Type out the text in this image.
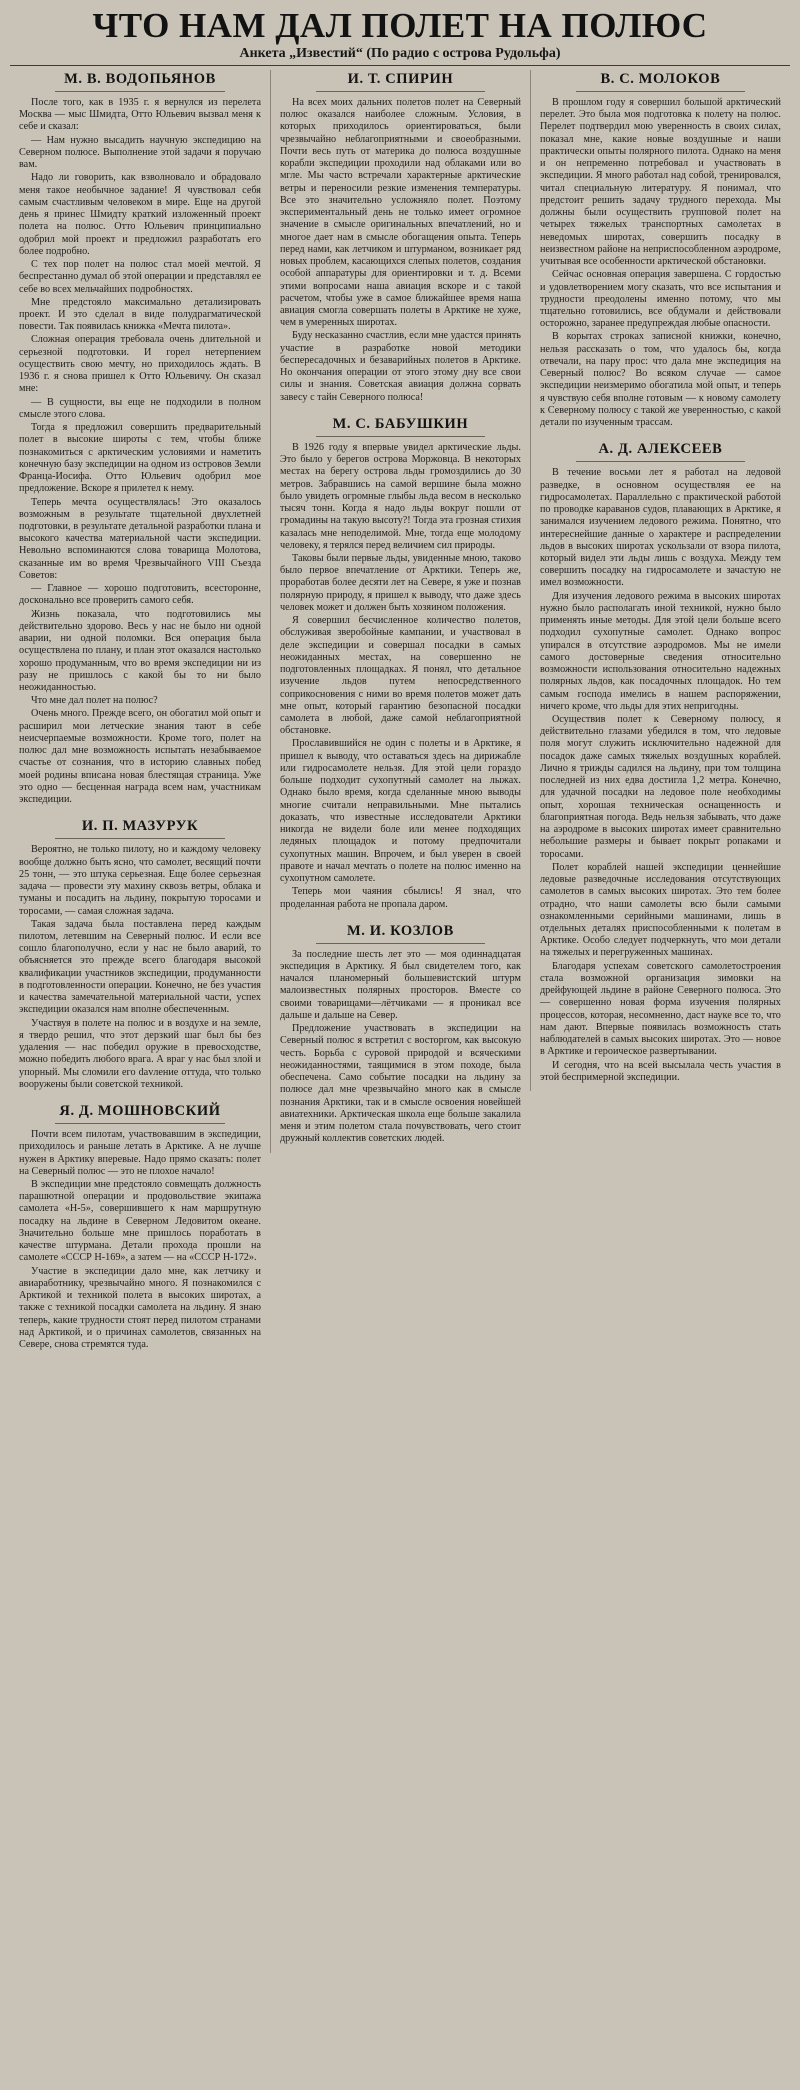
ЧТО НАМ ДАЛ ПОЛЕТ НА ПОЛЮС
Анкета „Известий“ (По радио с острова Рудольфа)
М. В. ВОДОПЬЯНОВ

После того, как в 1935 г. я вернулся из перелета Москва — мыс Шмидта, Отто Юльевич вызвал меня к себе и сказал:

— Нам нужно высадить научную экспедицию на Северном полюсе. Выполнение этой задачи я поручаю вам.

Надо ли говорить, как взволновало и обрадовало меня такое необычное задание! Я чувствовал себя самым счастливым человеком в мире. Еще на другой день я принес Шмидту краткий изложенный проект полета на полюс. Отто Юльевич принципиально одобрил мой проект и предложил разработать его более подробно.

С тех пор полет на полюс стал моей мечтой. Я беспрестанно думал об этой операции и представлял ее себе во всех мельчайших подробностях.

Мне предстояло максимально детализировать проект. И это сделал в виде полудрагматической повести. Так появилась книжка «Мечта пилота».

Сложная операция требовала очень длительной и серьезной подготовки. И горел нетерпением осуществить свою мечту, но приходилось ждать. В 1936 г. я снова пришел к Отто Юльевичу. Он сказал мне:

— В сущности, вы еще не подходили в полном смысле этого слова.

Тогда я предложил совершить предварительный полет в высокие широты с тем, чтобы ближе познакомиться с арктическим условиями и наметить конечную базу экспедиции на одном из островов Земли Франца-Иосифа. Отто Юльевич одобрил мое предложение. Вскоре я прилетел к нему.

Теперь мечта осуществлялась! Это оказалось возможным в результате тщательной двухлетней подготовки, в результате детальной разработки плана и высокого качества материальной части экспедиции. Невольно вспоминаются слова товарища Молотова, сказанные им во время Чрезвычайного VIII Съезда Советов:

— Главное — хорошо подготовить, всесторонне, досконально все проверить самого себя.

Жизнь показала, что подготовились мы действительно здорово. Весь у нас не было ни одной аварии, ни одной поломки. Вся операция была осуществлена по плану, и план этот оказался настолько хорошо продуманным, что во время экспедиции ни из разу не пришлось с какой бы то ни было неожиданностью.

Что мне дал полет на полюс?

Очень много. Прежде всего, он обогатил мой опыт и расширил мои летческие знания тают в себе неисчерпаемые возможности. Кроме того, полет на полюс дал мне возможность испытать незабываемое счастье от сознания, что в историю славных побед моей родины вписана новая блестящая страница. Уже это одно — бесценная награда всем нам, участникам экспедиции.

И. П. МАЗУРУК

Вероятно, не только пилоту, но и каждому человеку вообще должно быть ясно, что самолет, весящий почти 25 тонн, — это штука серьезная. Еще более серьезная задача — провести эту махину сквозь ветры, облака и туманы и посадить на льдину, покрытую торосами и торосами, — самая сложная задача.

Такая задача была поставлена перед каждым пилотом, летевшим на Северный полюс. И если все сошло благополучно, если у нас не было аварий, то объясняется это прежде всего благодаря высокой квалификации участников экспедиции, продуманности в подготовленности операции. Конечно, не без участия и качества замечательной материальной части, успех экспедиции оказался нам вполне обеспеченным.

Участвуя в полете на полюс и в воздухе и на земле, я твердо решил, что этот дерзкий шаг был бы без удаления — нас победил оружие в превосходстве, можно победить любого врага. А враг у нас был злой и упорный. Мы сломили его davление оттуда, что только вооружены были советской техникой.

Я. Д. МОШНОВСКИЙ

Почти всем пилотам, участвовавшим в экспедиции, приходилось и раньше летать в Арктике. А не лучше нужен в Арктику вперевые. Надо прямо сказать: полет на Северный полюс — это не плохое начало!

В экспедиции мне предстояло совмещать должность парашютной операции и продовольствие экипажа самолета «Н-5», совершившего к нам маршрутную посадку на льдине в Северном Ледовитом океане. Значительно больше мне пришлось поработать в качестве штурмана. Детали прохода прошли на самолете «СССР Н-169», а затем — на «СССР Н-172».

Участие в экспедиции дало мне, как летчику и авиаработнику, чрезвычайно много. Я познакомился с Арктикой и техникой полета в высоких широтах, а также с техникой посадки самолета на льдину. Я знаю теперь, какие трудности стоят перед пилотом странами над Арктикой, и о причинах самолетов, связанных на Севере, снова стремятся туда.

И. Т. СПИРИН

На всех моих дальних полетов полет на Северный полюс оказался наиболее сложным. Условия, в которых приходилось ориентироваться, были чрезвычайно неблагоприятными и своеобразными. Почти весь путь от материка до полюса воздушные корабли экспедиции проходили над облаками или во мгле. Мы часто встречали характерные арктические ветры и переносили резкие изменения температуры. Все это значительно усложняло полет. Поэтому экспериментальный день не только имеет огромное значение в смысле оригинальных впечатлений, но и многое дает нам в смысле обогащения опыта. Теперь перед нами, как летчиком и штурманом, возникает ряд новых проблем, касающихся слепых полетов, создания особой аппаратуры для ориентировки и т. д. Всеми этими вопросами наша авиация вскоре и с такой расчетом, чтобы уже в самое ближайшее время наша авиация смогла совершать полеты в Арктике не хуже, чем в умеренных широтах.

Буду несказанно счастлив, если мне удастся принять участие в разработке новой методики беспересадочных и безаварийных полетов в Арктике. Но окончания операции от этого этому дну все свои силы и знания. Советская авиация должна сорвать завесу с тайн Северного полюса!

М. С. БАБУШКИН

В 1926 году я впервые увидел арктические льды. Это было у берегов острова Моржовца. В некоторых местах на берегу острова льды громоздились до 30 метров. Забравшись на самой вершине была можно было увидеть огромные глыбы льда весом в несколько тысяч тонн. Когда я надо льды вокруг пошли от громадины на такую высоту?! Тогда эта грозная стихия казалась мне неподелимой. Мне, тогда еще молодому человеку, я терялся перед величием сил природы.

Таковы были первые льды, увиденные мною, таково было первое впечатление от Арктики. Теперь же, проработав более десяти лет на Севере, я уже и познав полярную природу, я пришел к выводу, что даже здесь человек может и должен быть хозяином положения.

Я совершил бесчисленное количество полетов, обслуживая зверобойные кампании, и участвовал в деле экспедиции и совершал посадки в самых неожиданных местах, на совершенно не подготовленных площадках. Я понял, что детальное изучение льдов путем непосредственного соприкосновения с ними во время полетов может дать мне опыт, который гарантию безопасной посадки самолета в любой, даже самой неблагоприятной обстановке.

Прославившийся не один с полеты и в Арктике, я пришел к выводу, что оставаться здесь на дирижабле или гидросамолете нельзя. Для этой цели гораздо больше подходит сухопутный самолет на лыжах. Однако было время, когда сделанные мною выводы многие считали неправильными. Мне пытались доказать, что известные исследователи Арктики никогда не видели боле или менее подходящих ледяных площадок и потому предпочитали сухопутных машин. Впрочем, и был уверен в своей правоте и начал мечтать о полете на полюс именно на сухопутном самолете.

Теперь мои чаяния сбылись! Я знал, что проделанная работа не пропала даром.

М. И. КОЗЛОВ

За последние шесть лет это — моя одиннадцатая экспедиция в Арктику. Я был свидетелем того, как начался планомерный большевистский штурм малоизвестных полярных просторов. Вместе со своими товарищами—лётчиками — я проникал все дальше и дальше на Север.

Предложение участвовать в экспедиции на Северный полюс я встретил с восторгом, как высокую честь. Борьба с суровой природой и всяческими неожиданностями, таящимися в этом походе, была обеспечена. Само событие посадки на льдину за полюсе дал мне чрезвычайно много как в смысле познания Арктики, так и в смысле освоения новейшей авиатехники. Арктическая школа еще больше закалила меня и этим полетом стала почувствовать, чего стоит дружный коллектив советских людей.

В. С. МОЛОКОВ

В прошлом году я совершил большой арктический перелет. Это была моя подготовка к полету на полюс. Перелет подтвердил мою уверенность в своих силах, показал мне, какие новые воздушные и наши практически опыты полярного пилота. Однако на меня и он непременно потребовал и участвовать в экспедиции. Я много работал над собой, тренировался, читал специальную литературу. Я понимал, что предстоит решить задачу трудного перехода. Мы должны были осуществить групповой полет на четырех тяжелых транспортных самолетах в неведомых широтах, совершить посадку в неизвестном районе на неприспособленном аэродроме, учитывая все особенности арктической обстановки.

Сейчас основная операция завершена. С гордостью и удовлетворением могу сказать, что все испытания и трудности преодолены именно потому, что мы тщательно готовились, все обдумали и действовали осторожно, заранее предупреждая любые опасности.

В корытах строках записной книжки, конечно, нельзя рассказать о том, что удалось бы, когда отвечали, на пару прос: что дала мне экспедиция на Северный полюс? Во всяком случае — самое экспедиции неизмеримо обогатила мой опыт, и теперь я чувствую себя вполне готовым — к новому самолету к Северному полюсу с такой же уверенностью, с какой детали по изученным трассам.

А. Д. АЛЕКСЕЕВ

В течение восьми лет я работал на ледовой разведке, в основном осуществляя ее на гидросамолетах. Параллельно с практической работой по проводке караванов судов, плавающих в Арктике, я занимался изучением ледового режима. Понятно, что интереснейшие данные о характере и распределении льдов в высоких широтах ускользали от взора пилота, который видел эти льды лишь с воздуха. Между тем совершить посадку на гидросамолете и зачастую не имел возможности.

Для изучения ледового режима в высоких широтах нужно было располагать иной техникой, нужно было применять иные методы. Для этой цели больше всего подходил сухопутные самолет. Однако вопрос упирался в отсутствие аэродромов. Мы не имели самого достоверные сведения относительно возможности использования относительно надежных полярных льдов, как посадочных площадок. Но тем самым господа имелись в нашем распоряжении, ничего кроме, что льды для этих непригодны.

Осуществив полет к Северному полюсу, я действительно глазами убедился в том, что ледовые поля могут служить исключительно надежной для посадок даже самых тяжелых воздушных кораблей. Лично я трижды садился на льдину, при том толщина последней из них едва достигла 1,2 метра. Конечно, для удачной посадки на ледовое поле необходимы опыт, хорошая техническая оснащенность и благоприятная погода. Ведь нельзя забывать, что даже на аэродроме в высоких широтах имеет сравнительно небольшие размеры и бывает покрыт ропаками и торосами.

Полет кораблей нашей экспедиции ценнейшие ледовые разведочные исследования отсутствующих самолетов в самых высоких широтах. Это тем более отрадно, что наши самолеты всю были самыми ознакомленными серийными машинами, лишь в отдельных деталях приспособленными к полетам в Арктике. Особо следует подчеркнуть, что мои детали на тяжелых и перегруженных машинах.

Благодаря успехам советского самолетостроения стала возможной организация зимовки на дрейфующей льдине в районе Северного полюса. Это — совершенно новая форма изучения полярных процессов, которая, несомненно, даст науке все то, что нам дают. Впервые появилась возможность стать наблюдателей в самых высоких широтах. Это — новое в Арктике и героическое развертывании.

И сегодня, что на всей высылала честь участия в этой беспримерной экспедиции.
